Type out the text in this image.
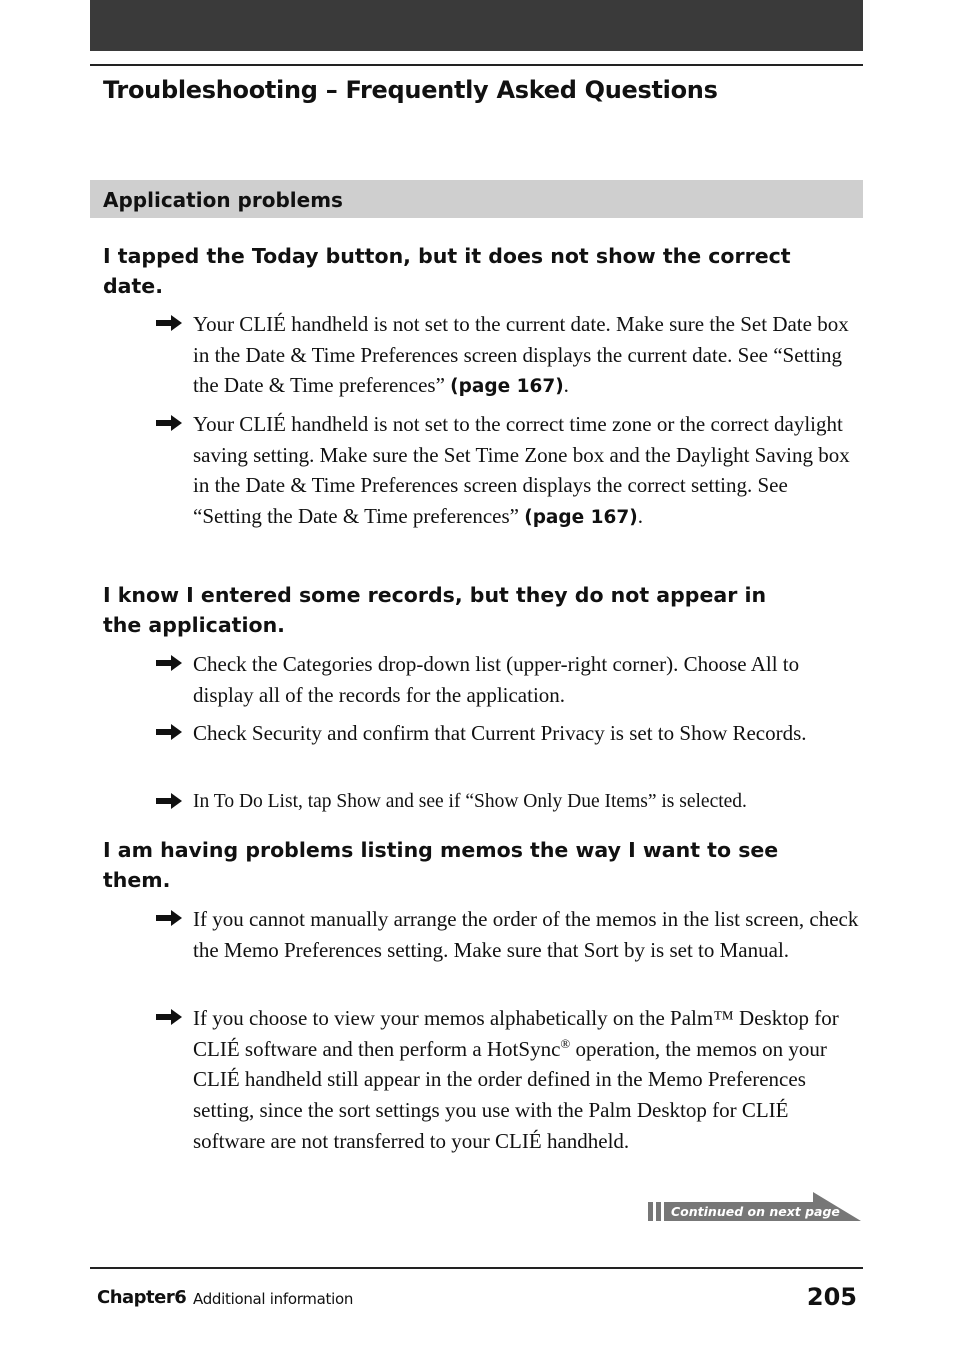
Troubleshooting – Frequently Asked Questions
Application problems
I tapped the Today button, but it does not show the correct date.
Your CLIÉ handheld is not set to the current date. Make sure the Set Date box in the Date & Time Preferences screen displays the current date. See “Setting the Date & Time preferences” (page 167).
Your CLIÉ handheld is not set to the correct time zone or the correct daylight saving setting. Make sure the Set Time Zone box and the Daylight Saving box in the Date & Time Preferences screen displays the correct setting. See “Setting the Date & Time preferences” (page 167).
I know I entered some records, but they do not appear in the application.
Check the Categories drop-down list (upper-right corner). Choose All to display all of the records for the application.
Check Security and confirm that Current Privacy is set to Show Records.
In To Do List, tap Show and see if “Show Only Due Items” is selected.
I am having problems listing memos the way I want to see them.
If you cannot manually arrange the order of the memos in the list screen, check the Memo Preferences setting. Make sure that Sort by is set to Manual.
If you choose to view your memos alphabetically on the Palm™ Desktop for CLIÉ software and then perform a HotSync® operation, the memos on your CLIÉ handheld still appear in the order defined in the Memo Preferences setting, since the sort settings you use with the Palm Desktop for CLIÉ software are not transferred to your CLIÉ handheld.
Continued on next page
Chapter6 Additional information	205
